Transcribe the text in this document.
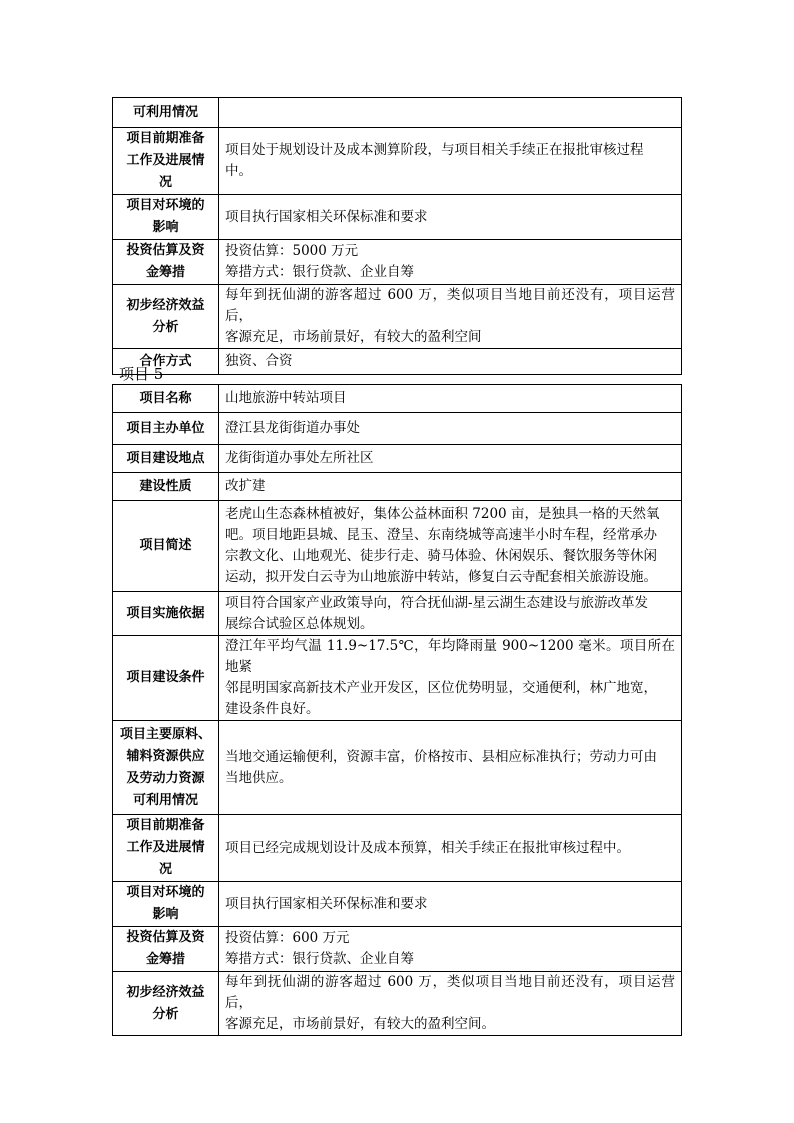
可利用情况	

项目前期准备
工作及进展情
况	项目处于规划设计及成本测算阶段，与项目相关手续正在报批审核过程
中。

项目对环境的
影响	项目执行国家相关环保标准和要求

投资估算及资
金筹措	投资估算：5000 万元
筹措方式：银行贷款、企业自筹

初步经济效益
分析	每年到抚仙湖的游客超过 600 万，类似项目当地目前还没有，项目运营后，
客源充足，市场前景好，有较大的盈利空间

合作方式	独资、合资
项目 5
项目名称	山地旅游中转站项目

项目主办单位	澄江县龙街街道办事处

项目建设地点	龙街街道办事处左所社区

建设性质	改扩建

项目简述	老虎山生态森林植被好，集体公益林面积 7200 亩，是独具一格的天然氧
吧。项目地距县城、昆玉、澄呈、东南绕城等高速半小时车程，经常承办
宗教文化、山地观光、徒步行走、骑马体验、休闲娱乐、餐饮服务等休闲
运动，拟开发白云寺为山地旅游中转站，修复白云寺配套相关旅游设施。

项目实施依据	项目符合国家产业政策导向，符合抚仙湖-星云湖生态建设与旅游改革发
展综合试验区总体规划。

项目建设条件	澄江年平均气温 11.9~17.5℃，年均降雨量 900~1200 毫米。项目所在地紧
邻昆明国家高新技术产业开发区，区位优势明显，交通便利，林广地宽，
建设条件良好。

项目主要原料、
辅料资源供应
及劳动力资源
可利用情况	当地交通运输便利，资源丰富，价格按市、县相应标准执行；劳动力可由
当地供应。

项目前期准备
工作及进展情
况	项目已经完成规划设计及成本预算，相关手续正在报批审核过程中。

项目对环境的
影响	项目执行国家相关环保标准和要求

投资估算及资
金筹措	投资估算：600 万元
筹措方式：银行贷款、企业自筹

初步经济效益
分析	每年到抚仙湖的游客超过 600 万，类似项目当地目前还没有，项目运营后，
客源充足，市场前景好，有较大的盈利空间。
